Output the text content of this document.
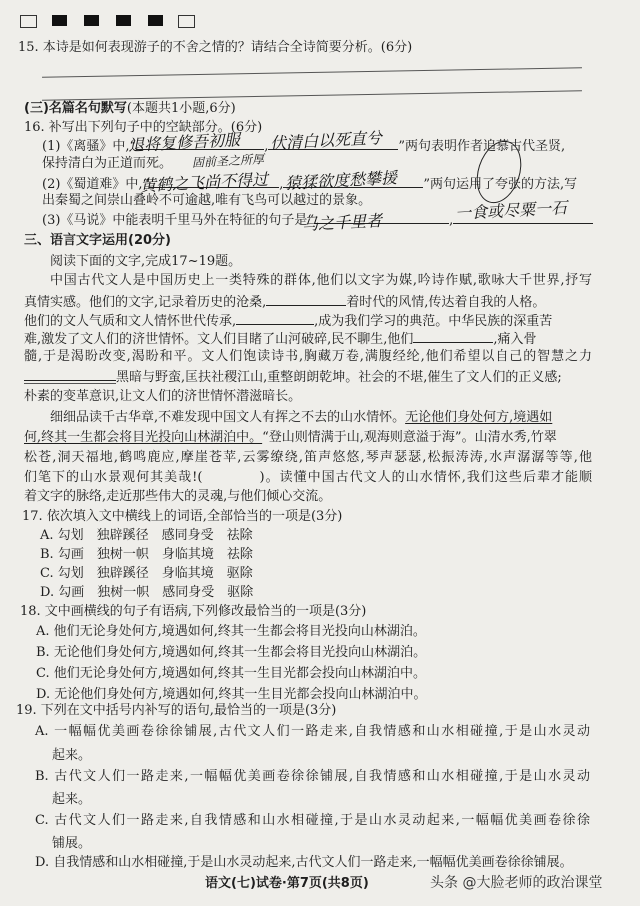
15. 本诗是如何表现游子的不舍之情的？请结合全诗简要分析。(6分)
(三)名篇名句默写(本题共1小题,6分)
16. 补写出下列句子中的空缺部分。(6分)
(1)《离骚》中,“	,	”两句表明作者追慕古代圣贤,
保持清白为正道而死。
(2)《蜀道难》中,“	,	”两句运用了夸张的方法,写
出秦蜀之间崇山叠岭不可逾越,唯有飞鸟可以越过的景象。
(3)《马说》中能表明千里马外在特征的句子是“	,
退将复修吾初服 伏清白以死直兮
固前圣之所厚
黄鹤之飞尚不得过 猿猱欲度愁攀援
马之千里者	一食或尽粟一石
三、语言文字运用(20分)
阅读下面的文字,完成17~19题。
中国古代文人是中国历史上一类特殊的群体,他们以文字为媒,吟诗作赋,歌咏大千世界,抒写
真情实感。他们的文字,记录着历史的沧桑,	着时代的风情,传达着自我的人格。
他们的文人气质和文人情怀世代传承,	,成为我们学习的典范。中华民族的深重苦
难,激发了文人们的济世情怀。文人们目睹了山河破碎,民不聊生,他们	,痛入骨
髓,于是渴盼改变,渴盼和平。文人们饱读诗书,胸藏万卷,满腹经纶,他们希望以自己的智慧之力
黑暗与野蛮,匡扶社稷江山,重整朗朗乾坤。社会的不堪,催生了文人们的正义感;
朴素的变革意识,让文人们的济世情怀潜滋暗长。
细细品读千古华章,不难发现中国文人有挥之不去的山水情怀。无论他们身处何方,境遇如
何,终其一生都会将目光投向山林湖泊中。“登山则情满于山,观海则意溢于海”。山清水秀,竹翠
松苍,洞天福地,鹤鸣鹿应,摩崖苍苹,云雾缭绕,笛声悠悠,琴声瑟瑟,松振涛涛,水声潺潺等等,他
们笔下的山水景观何其美哉!(　　　　)。读懂中国古代文人的山水情怀,我们这些后辈才能顺
着文字的脉络,走近那些伟大的灵魂,与他们倾心交流。
17. 依次填入文中横线上的词语,全部恰当的一项是(3分)
A. 勾划　独辟蹊径　感同身受　祛除
B. 勾画　独树一帜　身临其境　祛除
C. 勾划　独辟蹊径　身临其境　驱除
D. 勾画　独树一帜　感同身受　驱除
18. 文中画横线的句子有语病,下列修改最恰当的一项是(3分)
A. 他们无论身处何方,境遇如何,终其一生都会将目光投向山林湖泊。
B. 无论他们身处何方,境遇如何,终其一生都会将目光投向山林湖泊。
C. 他们无论身处何方,境遇如何,终其一生目光都会投向山林湖泊中。
D. 无论他们身处何方,境遇如何,终其一生目光都会投向山林湖泊中。
19. 下列在文中括号内补写的语句,最恰当的一项是(3分)
A. 一幅幅优美画卷徐徐铺展,古代文人们一路走来,自我情感和山水相碰撞,于是山水灵动
起来。
B. 古代文人们一路走来,一幅幅优美画卷徐徐铺展,自我情感和山水相碰撞,于是山水灵动
起来。
C. 古代文人们一路走来,自我情感和山水相碰撞,于是山水灵动起来,一幅幅优美画卷徐徐
铺展。
D. 自我情感和山水相碰撞,于是山水灵动起来,古代文人们一路走来,一幅幅优美画卷徐徐铺展。
语文(七)试卷·第7页(共8页)	头条 @大脸老师的政治课堂
